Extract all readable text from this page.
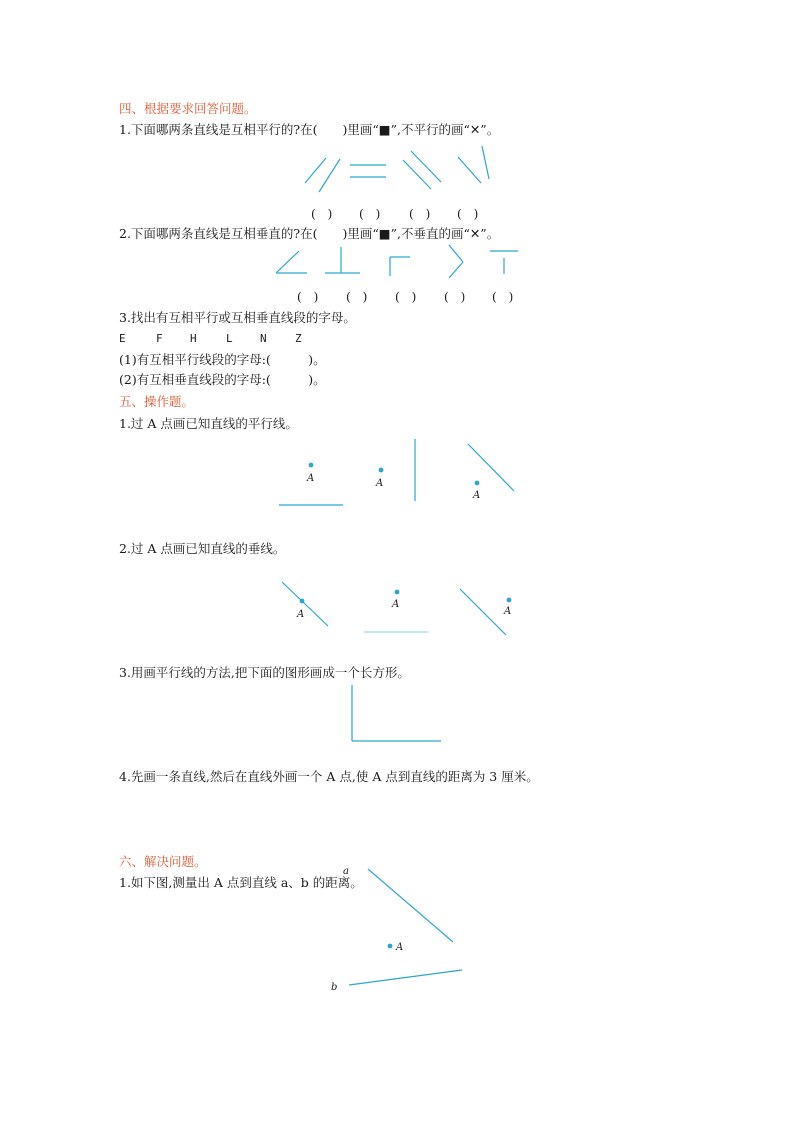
四、根据要求回答问题。
1.下面哪两条直线是互相平行的?在(　　)里画“■”,不平行的画“✕”。
(　) (　) (　) (　)
2.下面哪两条直线是互相垂直的?在(　　)里画“■”,不垂直的画“✕”。
(　) (　) (　) (　) (　)
3.找出有互相平行或互相垂直线段的字母。
E	F H	L N	Z
(1)有互相平行线段的字母:(　　　)。
(2)有互相垂直线段的字母:(　　　)。
五、操作题。
1.过 A 点画已知直线的平行线。
2.过 A 点画已知直线的垂线。
3.用画平行线的方法,把下面的图形画成一个长方形。
4.先画一条直线,然后在直线外画一个 A 点,使 A 点到直线的距离为 3 厘米。
六、解决问题。
1.如下图,测量出 A 点到直线 a、b 的距离。
A	A
A
A
A
A
a
A
b
